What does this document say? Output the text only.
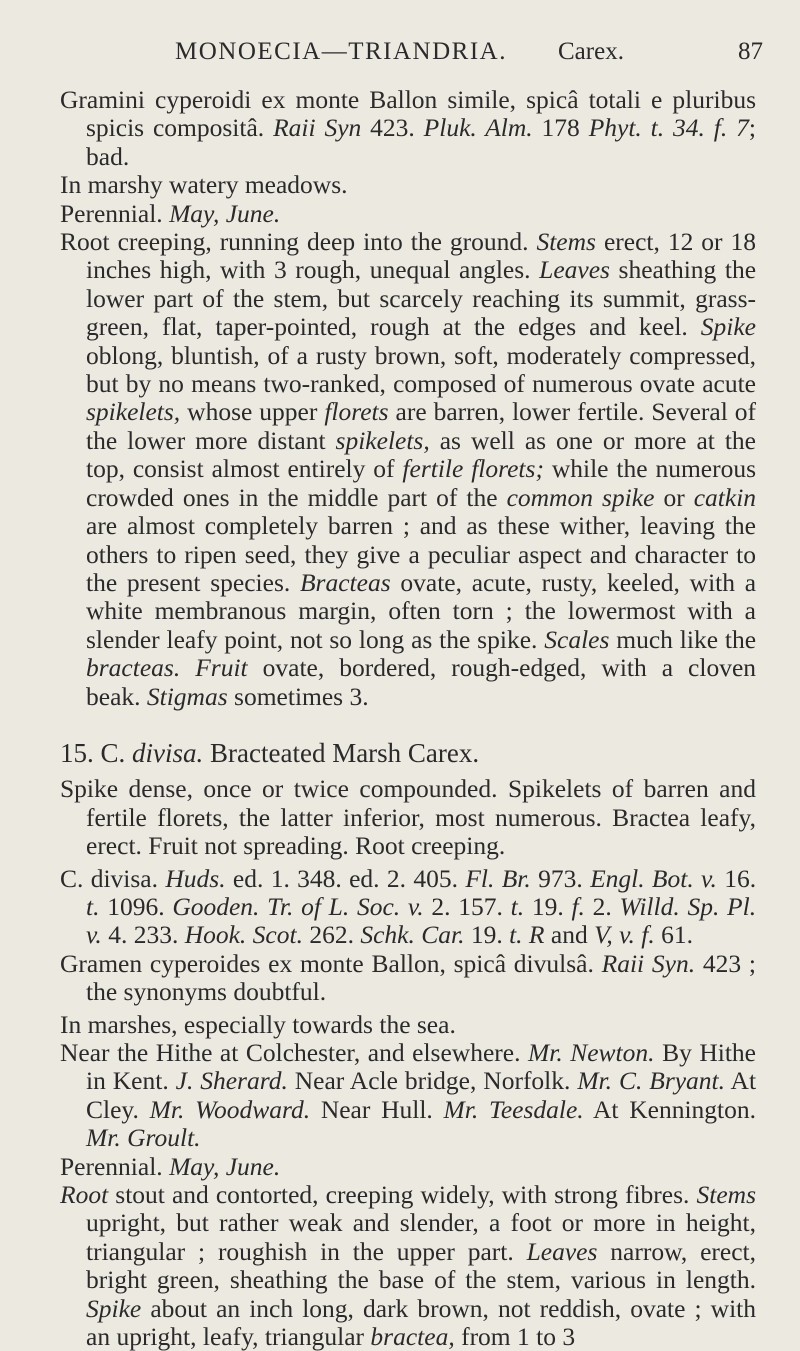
MONOECIA—TRIANDRIA. Carex.	87

Gramini cyperoidi ex monte Ballon simile, spicâ totali e pluribus spicis compositâ. Raii Syn 423. Pluk. Alm. 178 Phyt. t. 34. f. 7; bad.

In marshy watery meadows.

Perennial. May, June.

Root creeping, running deep into the ground. Stems erect, 12 or 18 inches high, with 3 rough, unequal angles. Leaves sheathing the lower part of the stem, but scarcely reaching its summit, grass-green, flat, taper-pointed, rough at the edges and keel. Spike oblong, bluntish, of a rusty brown, soft, moderately compressed, but by no means two-ranked, composed of numerous ovate acute spikelets, whose upper florets are barren, lower fertile. Several of the lower more distant spikelets, as well as one or more at the top, consist almost entirely of fertile florets; while the numerous crowded ones in the middle part of the common spike or catkin are almost completely barren ; and as these wither, leaving the others to ripen seed, they give a peculiar aspect and character to the present species. Bracteas ovate, acute, rusty, keeled, with a white membranous margin, often torn ; the lowermost with a slender leafy point, not so long as the spike. Scales much like the bracteas. Fruit ovate, bordered, rough-edged, with a cloven beak. Stigmas sometimes 3.

15. C. divisa. Bracteated Marsh Carex.

Spike dense, once or twice compounded. Spikelets of barren and fertile florets, the latter inferior, most numerous. Bractea leafy, erect. Fruit not spreading. Root creeping.

C. divisa. Huds. ed. 1. 348. ed. 2. 405. Fl. Br. 973. Engl. Bot. v. 16. t. 1096. Gooden. Tr. of L. Soc. v. 2. 157. t. 19. f. 2. Willd. Sp. Pl. v. 4. 233. Hook. Scot. 262. Schk. Car. 19. t. R and V, v. f. 61.

Gramen cyperoides ex monte Ballon, spicâ divulsâ. Raii Syn. 423 ; the synonyms doubtful.

In marshes, especially towards the sea.

Near the Hithe at Colchester, and elsewhere. Mr. Newton. By Hithe in Kent. J. Sherard. Near Acle bridge, Norfolk. Mr. C. Bryant. At Cley. Mr. Woodward. Near Hull. Mr. Teesdale. At Kennington. Mr. Groult.

Perennial. May, June.

Root stout and contorted, creeping widely, with strong fibres. Stems upright, but rather weak and slender, a foot or more in height, triangular ; roughish in the upper part. Leaves narrow, erect, bright green, sheathing the base of the stem, various in length. Spike about an inch long, dark brown, not reddish, ovate ; with an upright, leafy, triangular bractea, from 1 to 3
